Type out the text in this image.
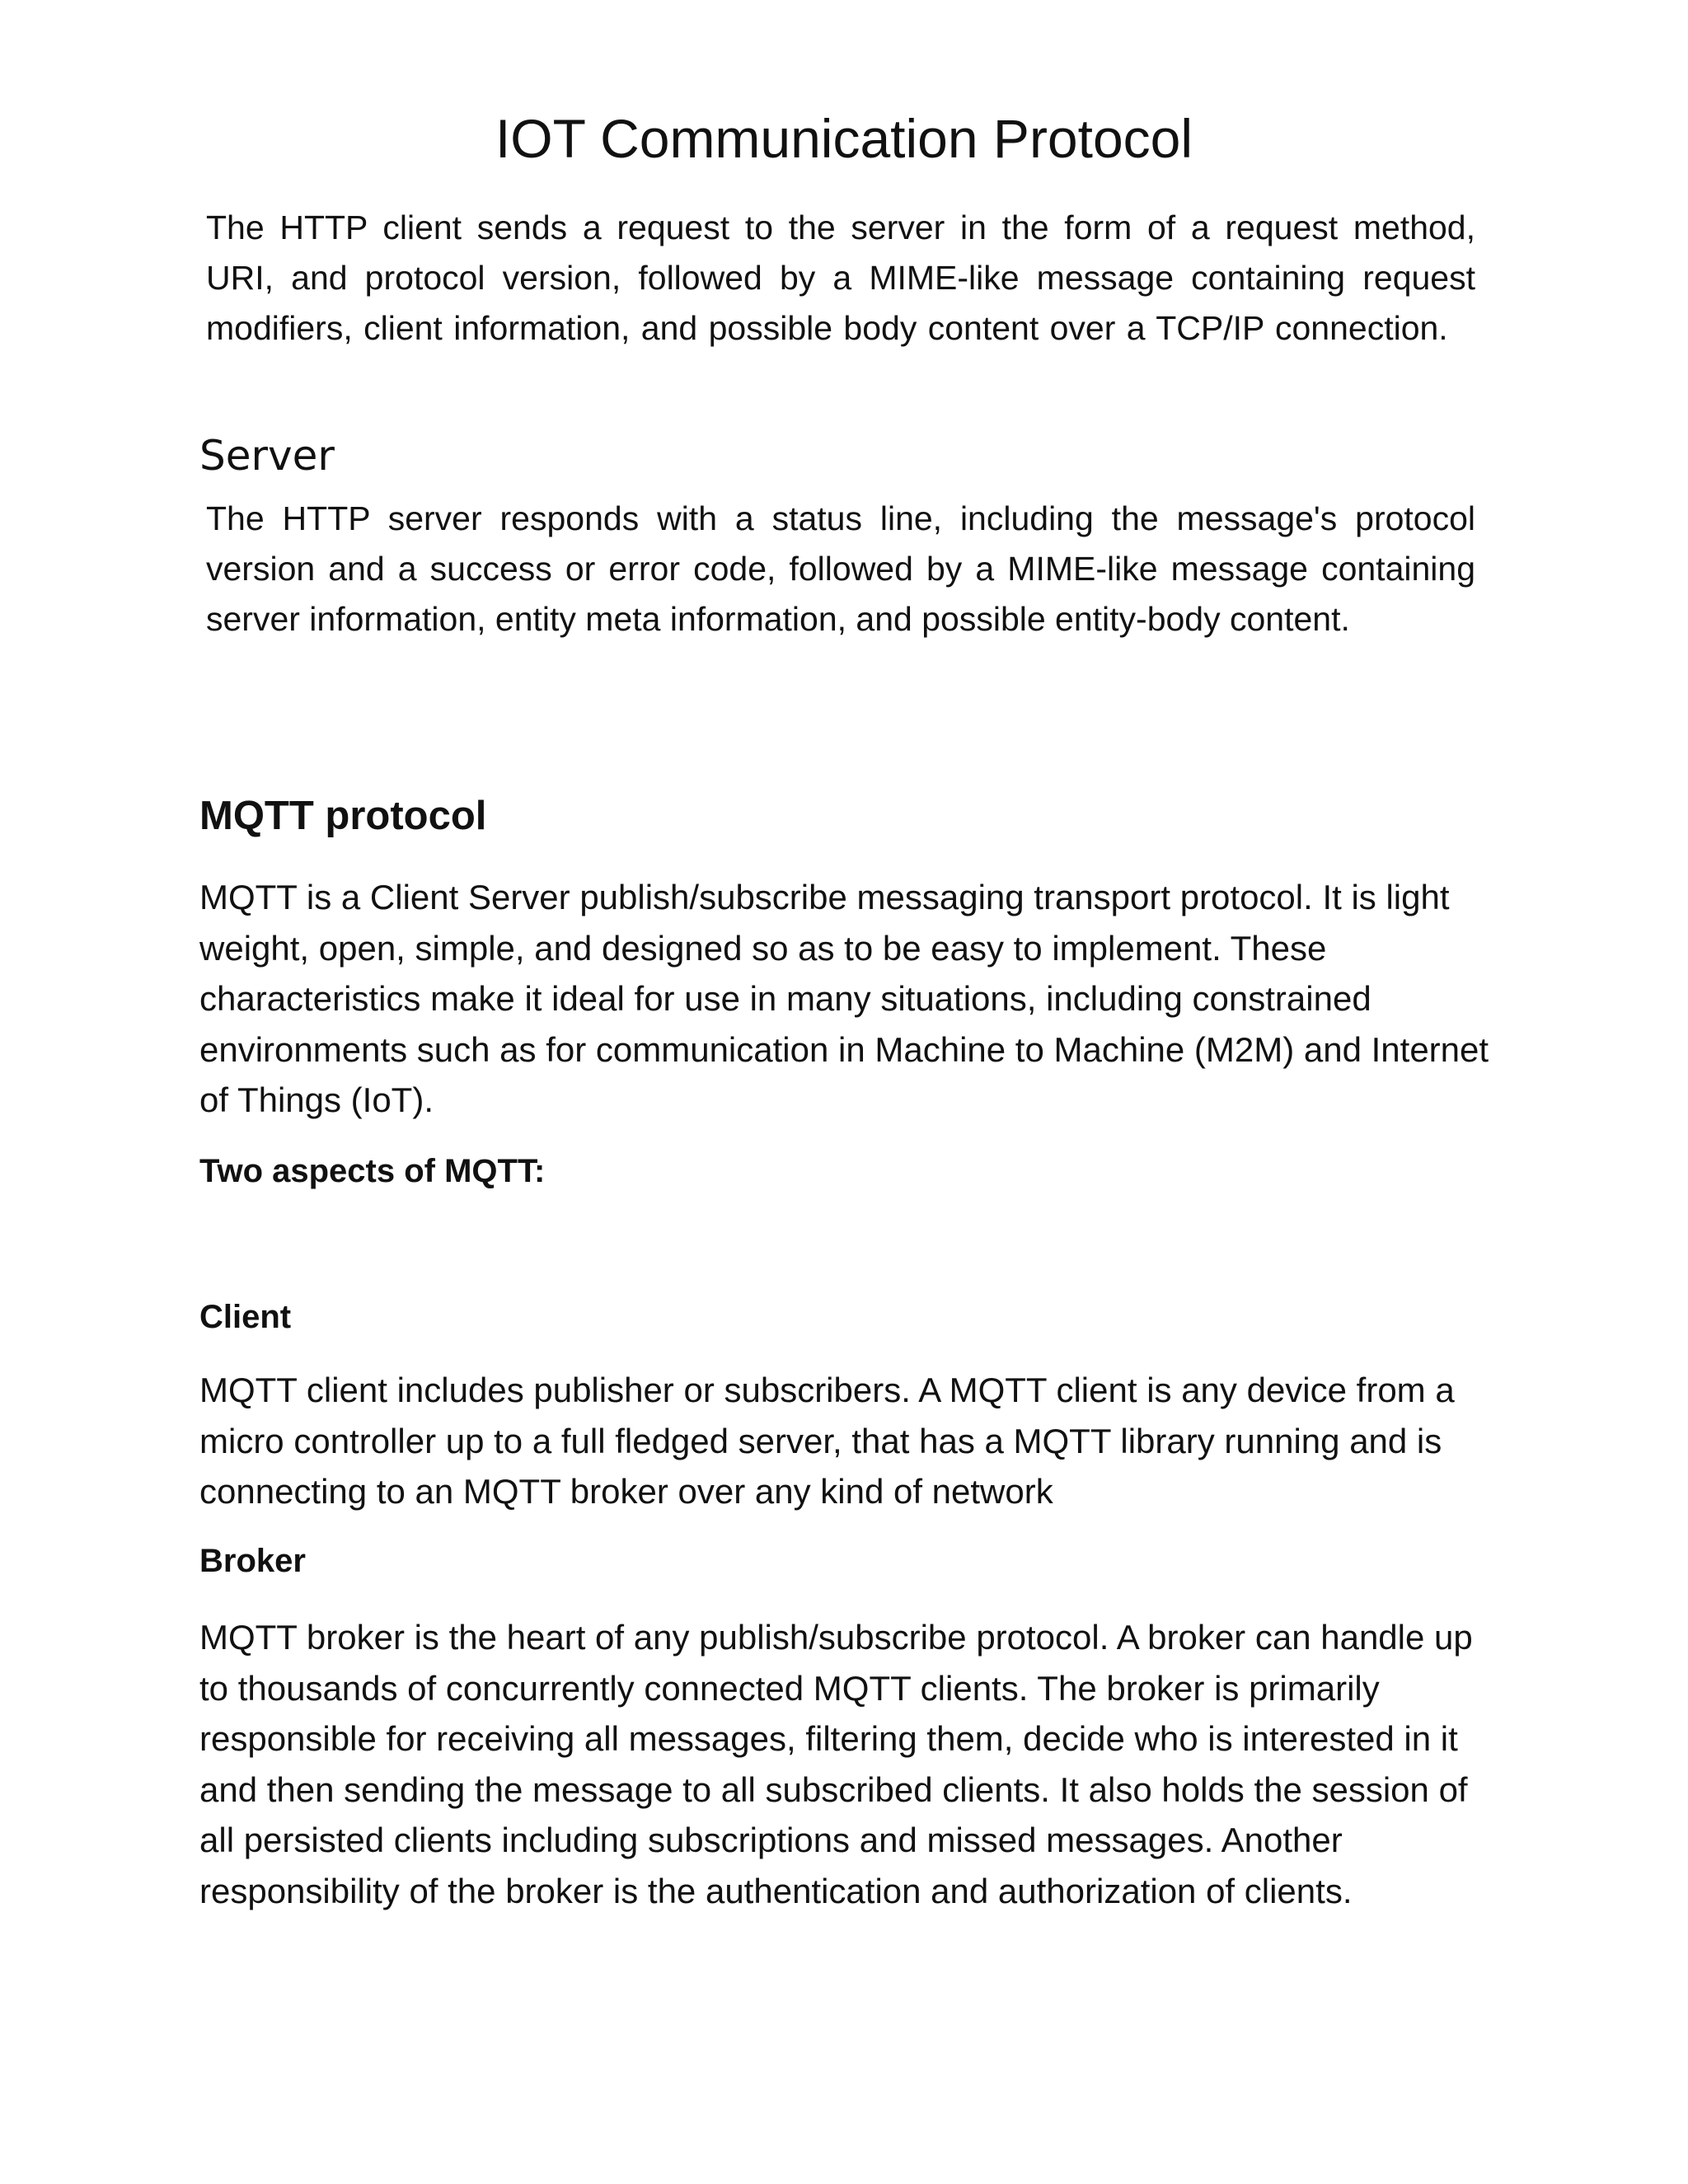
IOT Communication Protocol

The HTTP client sends a request to the server in the form of a request method, URI, and protocol version, followed by a MIME-like message containing request modifiers, client information, and possible body content over a TCP/IP connection.

Server

The HTTP server responds with a status line, including the message's protocol version and a success or error code, followed by a MIME-like message containing server information, entity meta information, and possible entity-body content.

MQTT protocol

MQTT is a Client Server publish/subscribe messaging transport protocol. It is light weight, open, simple, and designed so as to be easy to implement. These characteristics make it ideal for use in many situations, including constrained environments such as for communication in Machine to Machine (M2M) and Internet of Things (IoT).

Two aspects of MQTT:
Client

MQTT client includes publisher or subscribers. A MQTT client is any device from a micro controller up to a full fledged server, that has a MQTT library running and is connecting to an MQTT broker over any kind of network

Broker

MQTT broker is the heart of any publish/subscribe protocol. A broker can handle up to thousands of concurrently connected MQTT clients. The broker is primarily responsible for receiving all messages, filtering them, decide who is interested in it and then sending the message to all subscribed clients. It also holds the session of all persisted clients including subscriptions and missed messages. Another responsibility of the broker is the authentication and authorization of clients.
